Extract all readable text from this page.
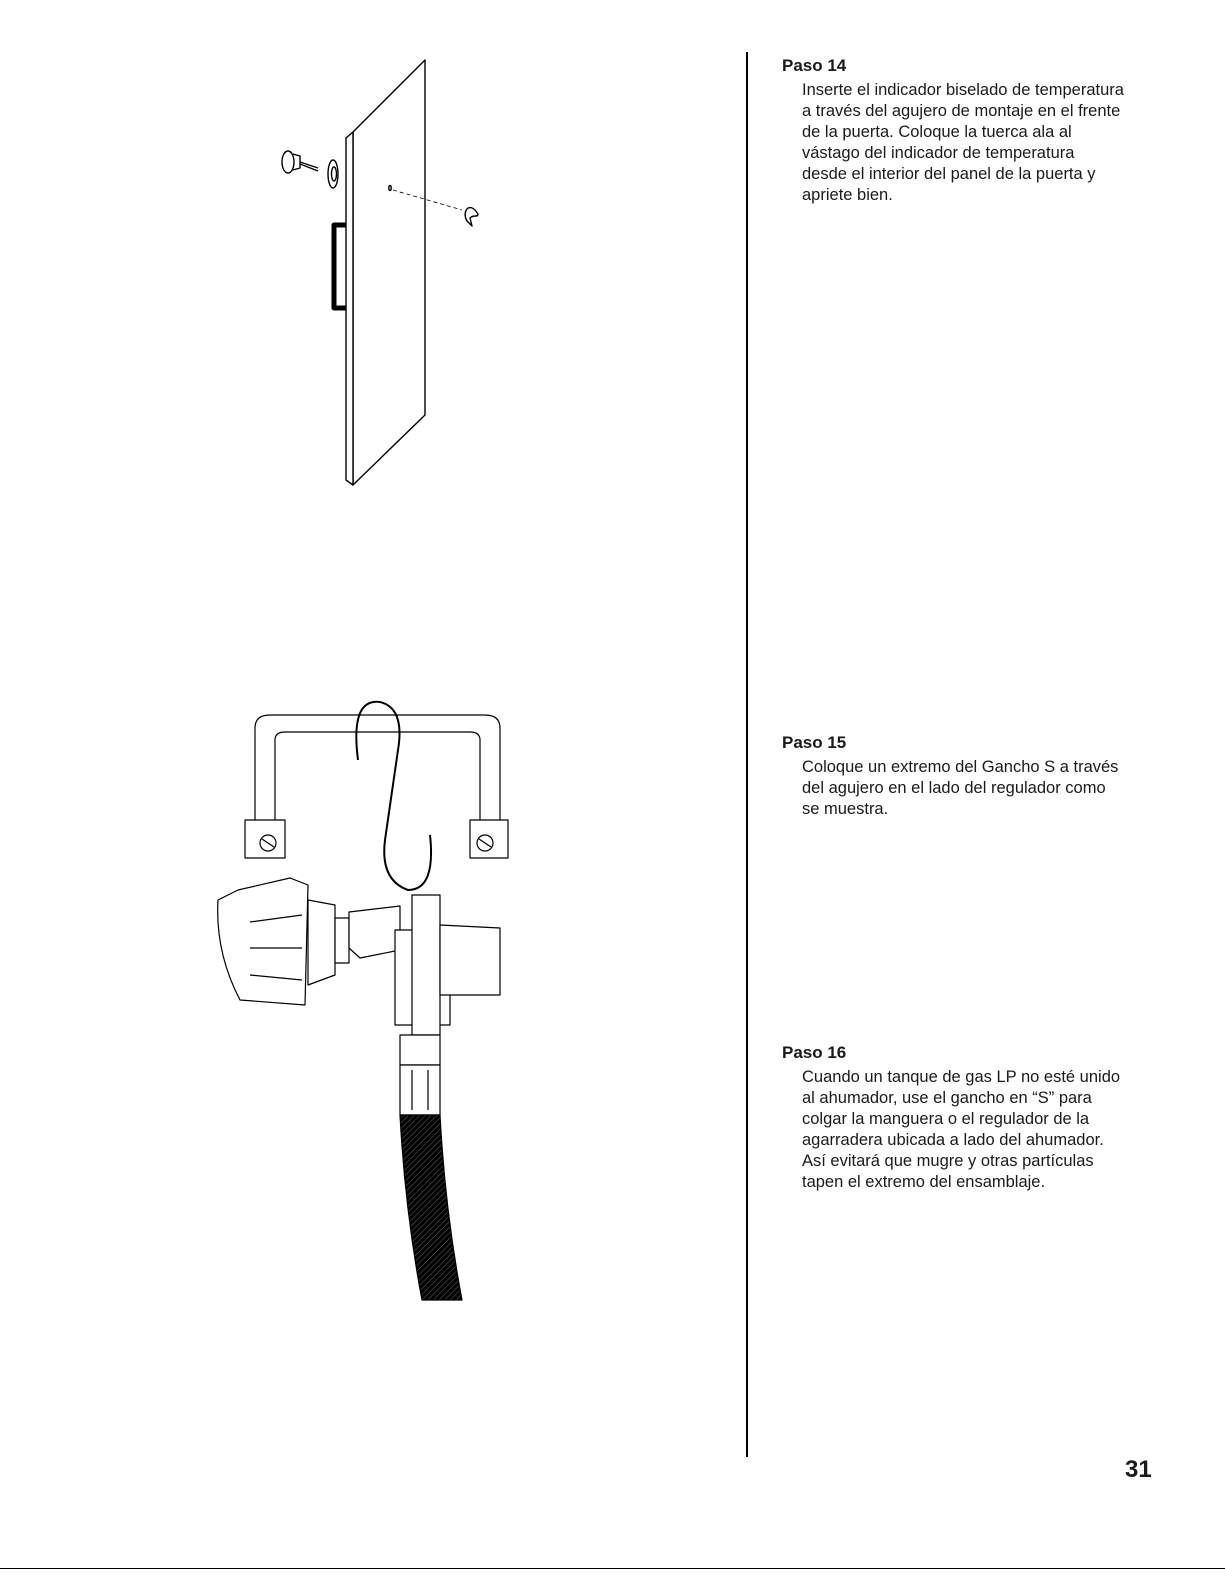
Paso 14

Inserte el indicador biselado de temperatura
a través del agujero de montaje en el frente
de la puerta. Coloque la tuerca ala al
vástago del indicador de temperatura
desde el interior del panel de la puerta y
apriete bien.

Paso 15

Coloque un extremo del Gancho S a través
del agujero en el lado del regulador como
se muestra.

Paso 16

Cuando un tanque de gas LP no esté unido
al ahumador, use el gancho en “S” para
colgar la manguera o el regulador de la
agarradera ubicada a lado del ahumador.
Así evitará que mugre y otras partículas
tapen el extremo del ensamblaje.

31
